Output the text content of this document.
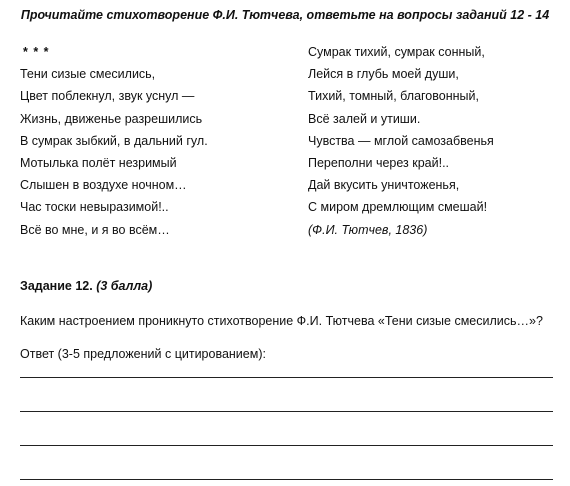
Прочитайте стихотворение Ф.И. Тютчева, ответьте на вопросы заданий 12 - 14
* * *
Тени сизые смесились,
Цвет поблекнул, звук уснул —
Жизнь, движенье разрешились
В сумрак зыбкий, в дальний гул.
Мотылька полёт незримый
Слышен в воздухе ночном…
Час тоски невыразимой!..
Всё во мне, и я во всём…
Сумрак тихий, сумрак сонный,
Лейся в глубь моей души,
Тихий, томный, благовонный,
Всё залей и утиши.
Чувства — мглой самозабвенья
Переполни через край!..
Дай вкусить уничтоженья,
С миром дремлющим смешай!
(Ф.И. Тютчев, 1836)
Задание 12. (3 балла)
Каким настроением проникнуто стихотворение Ф.И. Тютчева «Тени сизые смесились…»?
Ответ (3-5 предложений с цитированием):
